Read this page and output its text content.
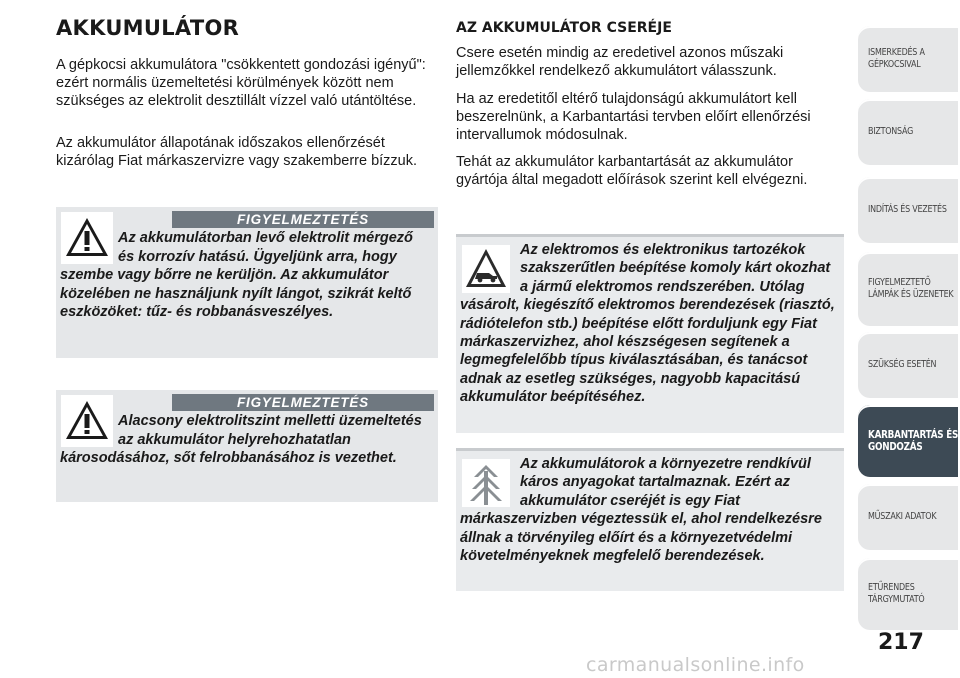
AKKUMULÁTOR

A gépkocsi akkumulátora "csökkentett gondozási igényű": ezért normális üzemeltetési körülmények között nem szükséges az elektrolit desztillált vízzel való utántöltése.

Az akkumulátor állapotának időszakos ellenőrzését kizárólag Fiat márkaszervizre vagy szakemberre bízzuk.

FIGYELMEZTETÉS
Az akkumulátorban levő elektrolit mérgező és korrozív hatású. Ügyeljünk arra, hogy szembe vagy bőrre ne kerüljön. Az akkumulátor közelében ne használjunk nyílt lángot, szikrát keltő eszközöket: tűz- és robbanásveszélyes.
FIGYELMEZTETÉS
Alacsony elektrolitszint melletti üzemeltetés az akkumulátor helyrehozhatatlan károsodásához, sőt felrobbanásához is vezethet.
AZ AKKUMULÁTOR CSERÉJE

Csere esetén mindig az eredetivel azonos műszaki jellemzőkkel rendelkező akkumulátort válasszunk.

Ha az eredetitől eltérő tulajdonságú akkumulátort kell beszerelnünk, a Karbantartási tervben előírt ellenőrzési intervallumok módosulnak.

Tehát az akkumulátor karbantartását az akkumulátor gyártója által megadott előírások szerint kell elvégezni.

Az elektromos és elektronikus tartozékok szakszerűtlen beépítése komoly kárt okozhat a jármű elektromos rendszerében. Utólag vásárolt, kiegészítő elektromos berendezések (riasztó, rádiótelefon stb.) beépítése előtt forduljunk egy Fiat márkaszervizhez, ahol készségesen segítenek a legmegfelelőbb típus kiválasztásában, és tanácsot adnak az esetleg szükséges, nagyobb kapacitású akkumulátor beépítéséhez.
Az akkumulátorok a környezetre rendkívül káros anyagokat tartalmaznak. Ezért az akkumulátor cseréjét is egy Fiat márkaszervizben végeztessük el, ahol rendelkezésre állnak a törvényileg előírt és a környezetvédelmi követelményeknek megfelelő berendezések.
ISMERKEDÉS A GÉPKOCSIVAL
BIZTONSÁG
INDÍTÁS ÉS VEZETÉS
FIGYELMEZTETŐ LÁMPÁK ÉS ÜZENETEK
SZÜKSÉG ESETÉN
KARBANTARTÁS ÉS GONDOZÁS
MŰSZAKI ADATOK
ETŰRENDES TÁRGYMUTATÓ
217
carmanualsonline.info
